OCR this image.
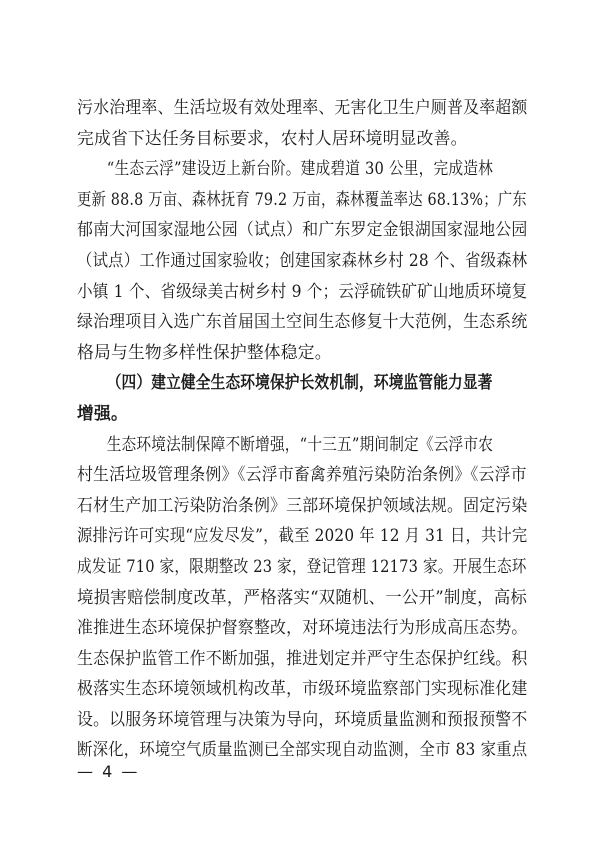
污水治理率、生活垃圾有效处理率、无害化卫生户厕普及率超额
完成省下达任务目标要求，农村人居环境明显改善。
“生态云浮”建设迈上新台阶。建成碧道 30 公里，完成造林
更新 88.8 万亩、森林抚育 79.2 万亩，森林覆盖率达 68.13%；广东
郁南大河国家湿地公园（试点）和广东罗定金银湖国家湿地公园
（试点）工作通过国家验收；创建国家森林乡村 28 个、省级森林
小镇 1 个、省级绿美古树乡村 9 个；云浮硫铁矿矿山地质环境复
绿治理项目入选广东首届国土空间生态修复十大范例，生态系统
格局与生物多样性保护整体稳定。
（四）建立健全生态环境保护长效机制，环境监管能力显著
增强。
生态环境法制保障不断增强，“十三五”期间制定《云浮市农
村生活垃圾管理条例》《云浮市畜禽养殖污染防治条例》《云浮市
石材生产加工污染防治条例》三部环境保护领域法规。固定污染
源排污许可实现“应发尽发”，截至 2020 年 12 月 31 日，共计完
成发证 710 家，限期整改 23 家，登记管理 12173 家。开展生态环
境损害赔偿制度改革，严格落实“双随机、一公开”制度，高标
准推进生态环境保护督察整改，对环境违法行为形成高压态势。
生态保护监管工作不断加强，推进划定并严守生态保护红线。积
极落实生态环境领域机构改革，市级环境监察部门实现标准化建
设。以服务环境管理与决策为导向，环境质量监测和预报预警不
断深化，环境空气质量监测已全部实现自动监测，全市 83 家重点
— 4 —
